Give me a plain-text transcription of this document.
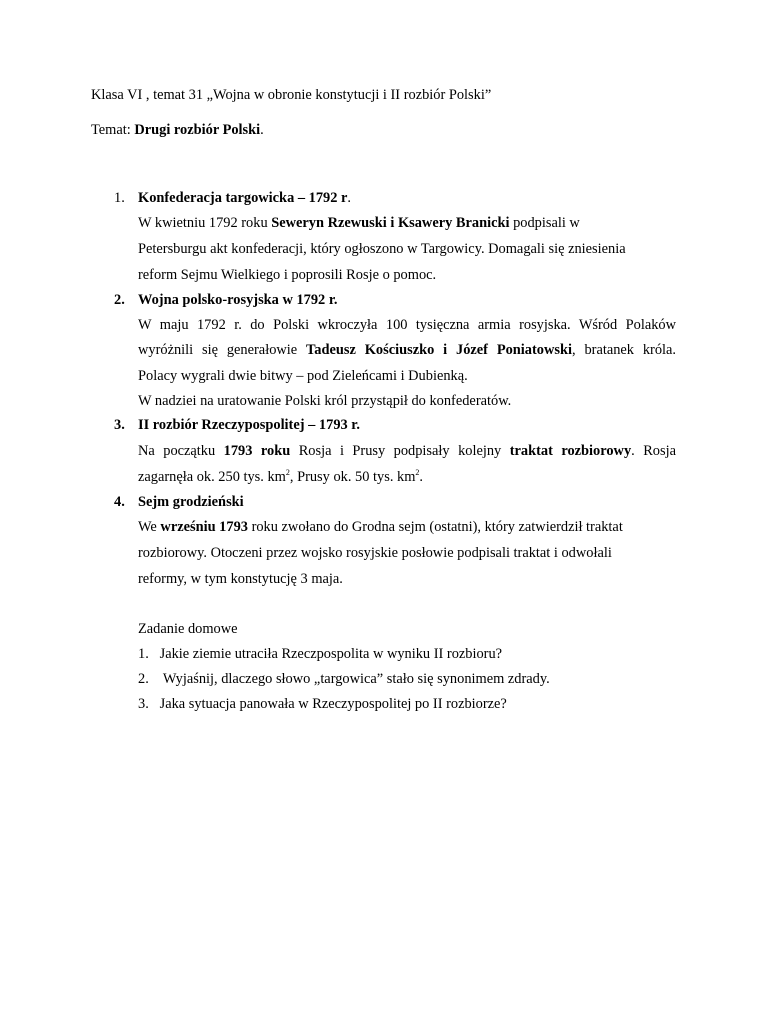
Klasa VI , temat 31 „Wojna w obronie konstytucji i II rozbiór Polski”
Temat: Drugi rozbiór Polski.
1. Konfederacja targowicka – 1792 r.
W kwietniu 1792 roku Seweryn Rzewuski i Ksawery Branicki podpisali w
Petersburgu akt konfederacji, który ogłoszono w Targowicy. Domagali się zniesienia
reform Sejmu Wielkiego i poprosili Rosje o pomoc.
2. Wojna polsko-rosyjska w 1792 r.
W maju 1792 r. do Polski wkroczyła 100 tysięczna armia rosyjska. Wśród Polaków
wyróżnili się generałowie Tadeusz Kościuszko i Józef Poniatowski, bratanek króla.
Polacy wygrali dwie bitwy – pod Zieleńcami i Dubienką.
W nadziei na uratowanie Polski król przystąpił do konfederatów.
3. II rozbiór Rzeczypospolitej – 1793 r.
Na początku 1793 roku Rosja i Prusy podpisały kolejny traktat rozbiorowy. Rosja
zagarnęła ok. 250 tys. $km^2$, Prusy ok. 50 tys. $km^2$.
4. Sejm grodzieński
We wrześniu 1793 roku zwołano do Grodna sejm (ostatni), który zatwierdził traktat
rozbiorowy. Otoczeni przez wojsko rosyjskie posłowie podpisali traktat i odwołali
reformy, w tym konstytucję 3 maja.
Zadanie domowe
1. Jakie ziemie utraciła Rzeczpospolita w wyniku II rozbioru?
2.    Wyjaśnij, dlaczego słowo „targowica” stało się synonimem zdrady.
3. Jaka sytuacja panowała w Rzeczypospolitej po II rozbiorze?
